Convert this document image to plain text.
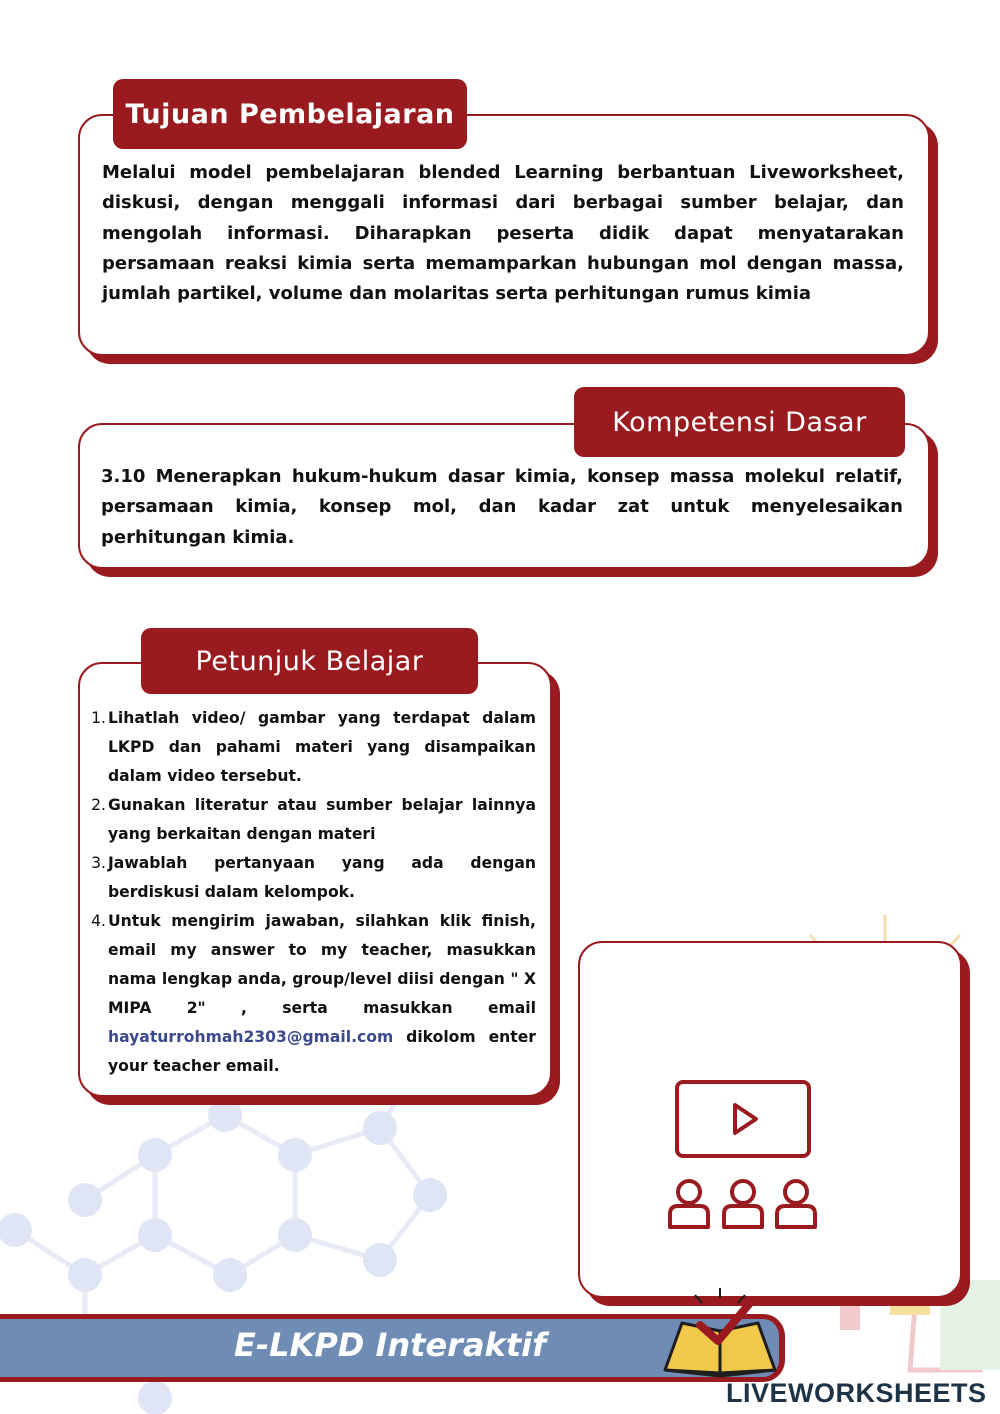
Tujuan Pembelajaran
Melalui model pembelajaran blended Learning berbantuan Liveworksheet, diskusi, dengan menggali informasi dari berbagai sumber belajar, dan mengolah informasi. Diharapkan peserta didik dapat menyatarakan persamaan reaksi kimia serta memamparkan hubungan mol dengan massa, jumlah partikel, volume dan molaritas serta perhitungan rumus kimia
Kompetensi Dasar
3.10 Menerapkan hukum-hukum dasar kimia, konsep massa molekul relatif, persamaan kimia, konsep mol, dan kadar zat untuk menyelesaikan perhitungan kimia.
Petunjuk Belajar
1. Lihatlah video/ gambar yang terdapat dalam LKPD dan pahami materi yang disampaikan dalam video tersebut.
2. Gunakan literatur atau sumber belajar lainnya yang berkaitan dengan materi
3. Jawablah pertanyaan yang ada dengan berdiskusi dalam kelompok.
4. Untuk mengirim jawaban, silahkan klik finish, email my answer to my teacher, masukkan nama lengkap anda, group/level diisi dengan " X MIPA 2" , serta masukkan email hayaturrohmah2303@gmail.com dikolom enter your teacher email.
E-LKPD Interaktif
LIVEWORKSHEETS
